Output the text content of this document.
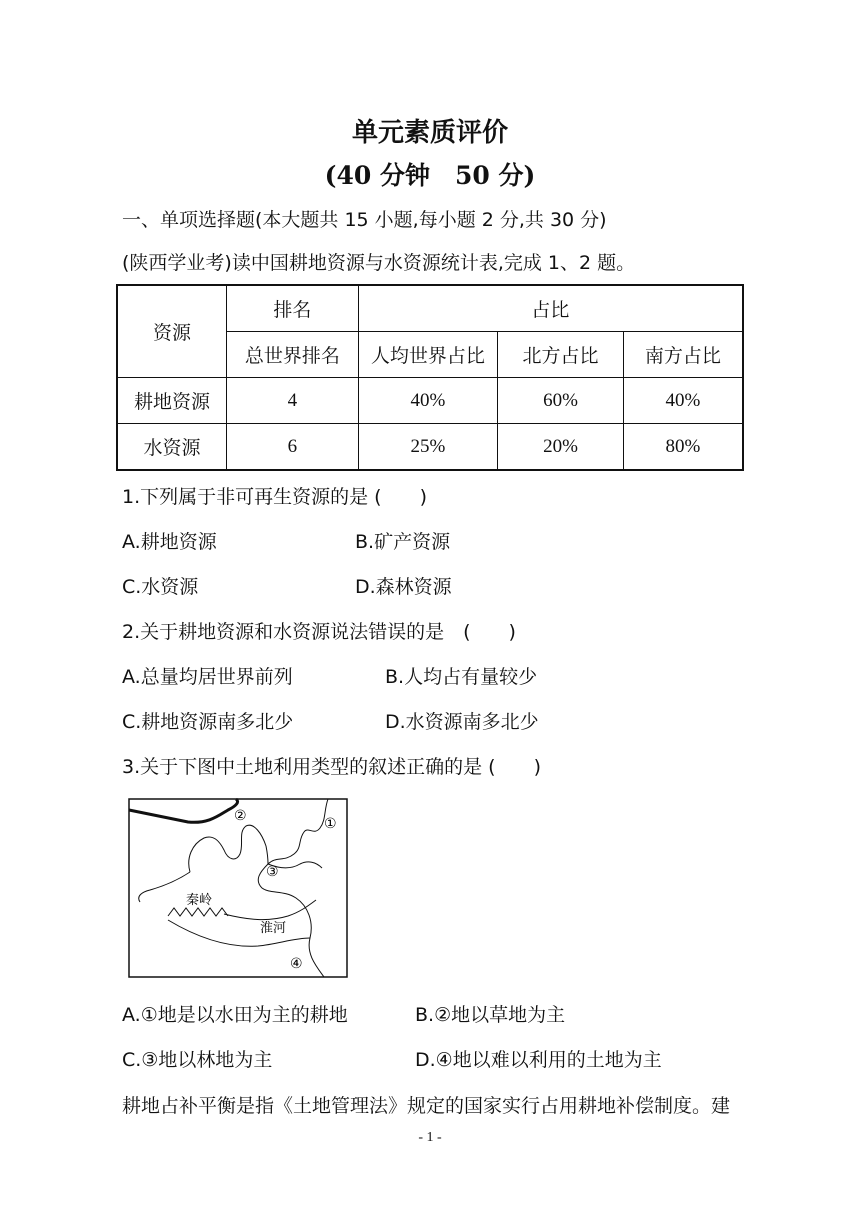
单元素质评价
(40 分钟　50 分)
一、单项选择题(本大题共 15 小题,每小题 2 分,共 30 分)
(陕西学业考)读中国耕地资源与水资源统计表,完成 1、2 题。
资源	排名	占比		
	总世界排名	人均世界占比	北方占比	南方占比
耕地资源	4	40%	60%	40%
水资源	6	25%	20%	80%
1.下列属于非可再生资源的是 (　　)
A.耕地资源	B.矿产资源
C.水资源	D.森林资源
2.关于耕地资源和水资源说法错误的是　(　　)
A.总量均居世界前列	B.人均占有量较少
C.耕地资源南多北少	D.水资源南多北少
3.关于下图中土地利用类型的叙述正确的是 (　　)
秦岭
淮河
①
②
③
④
A.①地是以水田为主的耕地	B.②地以草地为主
C.③地以林地为主	D.④地以难以利用的土地为主
耕地占补平衡是指《土地管理法》规定的国家实行占用耕地补偿制度。建
- 1 -
